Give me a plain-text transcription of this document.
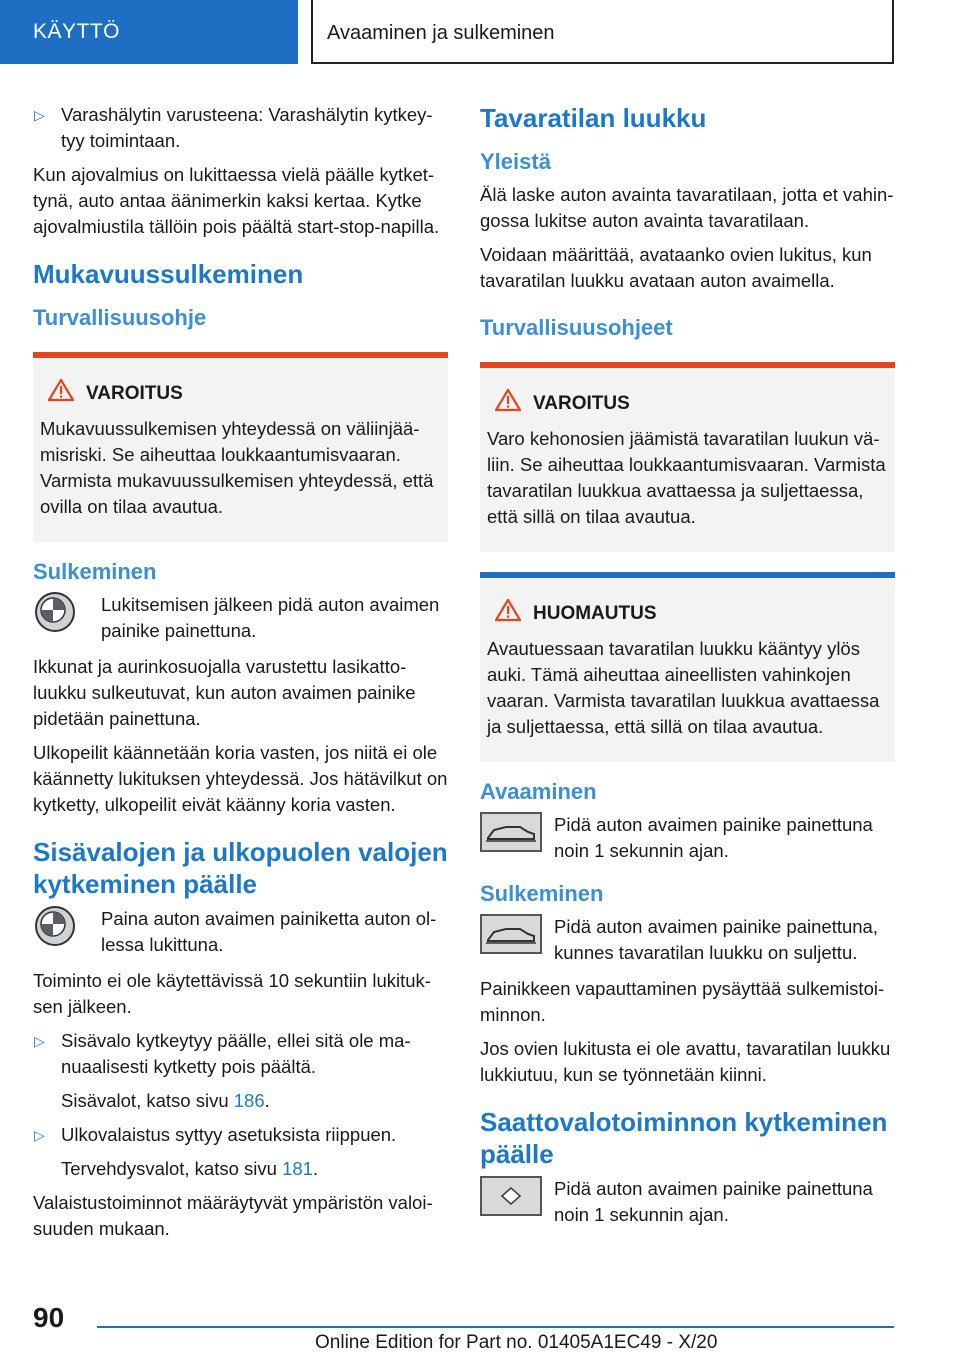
KÄYTTÖ	Avaaminen ja sulkeminen
▷ Varashälytin varusteena: Varashälytin kytkey-tyy toimintaan.

Kun ajovalmius on lukittaessa vielä päälle kytket-tynä, auto antaa äänimerkin kaksi kertaa. Kytke ajovalmiustila tällöin pois päältä start-stop-napilla.

Mukavuussulkeminen
Turvallisuusohje
VAROITUS

Mukavuussulkemisen yhteydessä on väliinjää-misriski. Se aiheuttaa loukkaantumisvaaran. Varmista mukavuussulkemisen yhteydessä, että ovilla on tilaa avautua.

Sulkeminen
Lukitsemisen jälkeen pidä auton avaimen painike painettuna.

Ikkunat ja aurinkosuojalla varustettu lasikatto-luukku sulkeutuvat, kun auton avaimen painike pidetään painettuna.

Ulkopeilit käännetään koria vasten, jos niitä ei ole käännetty lukituksen yhteydessä. Jos hätävilkut on kytketty, ulkopeilit eivät käänny koria vasten.

Sisävalojen ja ulkopuolen valojen kytkeminen päälle
Paina auton avaimen painiketta auton ol-lessa lukittuna.

Toiminto ei ole käytettävissä 10 sekuntiin lukituk-sen jälkeen.

▷ Sisävalo kytkeytyy päälle, ellei sitä ole ma-nuaalisesti kytketty pois päältä.
Sisävalot, katso sivu 186.
▷ Ulkovalaistus syttyy asetuksista riippuen.
Tervehdysvalot, katso sivu 181.

Valaistustoiminnot määräytyvät ympäristön valoi-suuden mukaan.

Tavaratilan luukku
Yleistä

Älä laske auton avainta tavaratilaan, jotta et vahin-gossa lukitse auton avainta tavaratilaan.

Voidaan määrittää, avataanko ovien lukitus, kun tavaratilan luukku avataan auton avaimella.

Turvallisuusohjeet
VAROITUS

Varo kehonosien jäämistä tavaratilan luukun vä-liin. Se aiheuttaa loukkaantumisvaaran. Varmista tavaratilan luukkua avattaessa ja suljettaessa, että sillä on tilaa avautua.

HUOMAUTUS

Avautuessaan tavaratilan luukku kääntyy ylös auki. Tämä aiheuttaa aineellisten vahinkojen vaaran. Varmista tavaratilan luukkua avattaessa ja suljettaessa, että sillä on tilaa avautua.

Avaaminen
Pidä auton avaimen painike painettuna noin 1 sekunnin ajan.
Sulkeminen
Pidä auton avaimen painike painettuna, kunnes tavaratilan luukku on suljettu.

Painikkeen vapauttaminen pysäyttää sulkemistoi-minnon.

Jos ovien lukitusta ei ole avattu, tavaratilan luukku lukkiutuu, kun se työnnetään kiinni.

Saattovalotoiminnon kytkeminen päälle
Pidä auton avaimen painike painettuna noin 1 sekunnin ajan.
90
Online Edition for Part no. 01405A1EC49 - X/20
